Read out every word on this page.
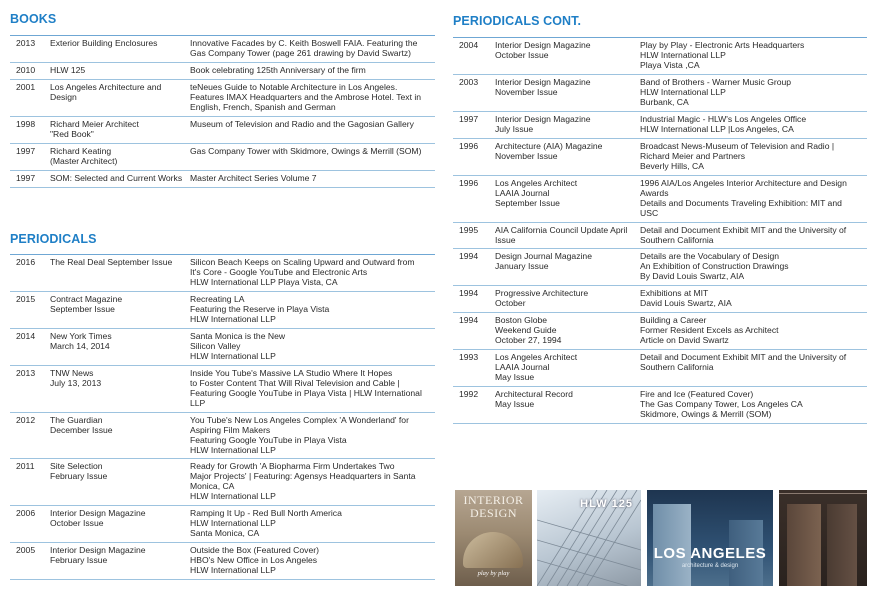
BOOKS
2013	Exterior Building Enclosures	Innovative Facades by C. Keith Boswell FAIA. Featuring the
Gas Company Tower (page 261 drawing by David Swartz)

2010	HLW 125	Book celebrating 125th Anniversary of the firm

2001	Los Angeles Architecture and
Design	teNeues Guide to Notable Architecture in Los Angeles.
Features IMAX Headquarters and the Ambrose Hotel. Text in
English, French, Spanish and German

1998	Richard Meier Architect
"Red Book"	Museum of Television and Radio and the Gagosian Gallery

1997	Richard Keating
(Master Architect)	Gas Company Tower with Skidmore, Owings & Merrill (SOM)

1997	SOM: Selected and Current Works	Master Architect Series Volume 7
PERIODICALS
2016	The Real Deal September Issue	Silicon Beach Keeps on Scaling Upward and Outward from
It's Core - Google YouTube and Electronic Arts
HLW International LLP Playa Vista, CA

2015	Contract Magazine
September Issue	Recreating LA
Featuring the Reserve in Playa Vista
HLW International LLP

2014	New York Times
March 14, 2014	Santa Monica is the New
Silicon Valley
HLW International LLP

2013	TNW News
July 13, 2013	Inside You Tube's Massive LA Studio Where It Hopes
to Foster Content That Will Rival Television and Cable |
Featuring Google YouTube in Playa Vista | HLW International
LLP

2012	The Guardian
December Issue	You Tube's New Los Angeles Complex 'A Wonderland' for
Aspiring Film Makers
Featuring Google YouTube in Playa Vista
HLW International LLP

2011	Site Selection
February Issue	Ready for Growth 'A Biopharma Firm Undertakes Two
Major Projects' | Featuring: Agensys Headquarters in Santa
Monica, CA
HLW International LLP

2006	Interior Design Magazine
October Issue	Ramping It Up - Red Bull North America
HLW International LLP
Santa Monica, CA

2005	Interior Design Magazine
February Issue	Outside the Box (Featured Cover)
HBO's New Office in Los Angeles
HLW International LLP
PERIODICALS CONT.
2004	Interior Design Magazine
October Issue	Play by Play - Electronic Arts Headquarters
HLW International LLP
Playa Vista ,CA

2003	Interior Design Magazine
November Issue	Band of Brothers - Warner Music Group
HLW International LLP
Burbank, CA

1997	Interior Design Magazine
July Issue	Industrial Magic - HLW's Los Angeles Office
HLW International LLP |Los Angeles, CA

1996	Architecture (AIA) Magazine
November Issue	Broadcast News-Museum of Television and Radio |
Richard Meier and Partners
Beverly Hills, CA

1996	Los Angeles Architect
LAAIA Journal
September Issue	1996 AIA/Los Angeles Interior Architecture and Design
Awards
Details and Documents Traveling Exhibition: MIT and
USC

1995	AIA California Council Update April
Issue	Detail and Document Exhibit MIT and the University of
Southern California

1994	Design Journal Magazine
January Issue	Details are the Vocabulary of Design
An Exhibition of Construction Drawings
By David Louis Swartz, AIA

1994	Progressive Architecture
October	Exhibitions at MIT
David Louis Swartz, AIA

1994	Boston Globe
Weekend Guide
October 27, 1994	Building a Career
Former Resident Excels as Architect
Article on David Swartz

1993	Los Angeles Architect
LAAIA Journal
May Issue	Detail and Document Exhibit MIT and the University of
Southern California

1992	Architectural Record
May Issue	Fire and Ice (Featured Cover)
The Gas Company Tower, Los Angeles CA
Skidmore, Owings & Merrill (SOM)
INTERIOR
DESIGN
play by play
HLW 125
LOS ANGELES
architecture & design
